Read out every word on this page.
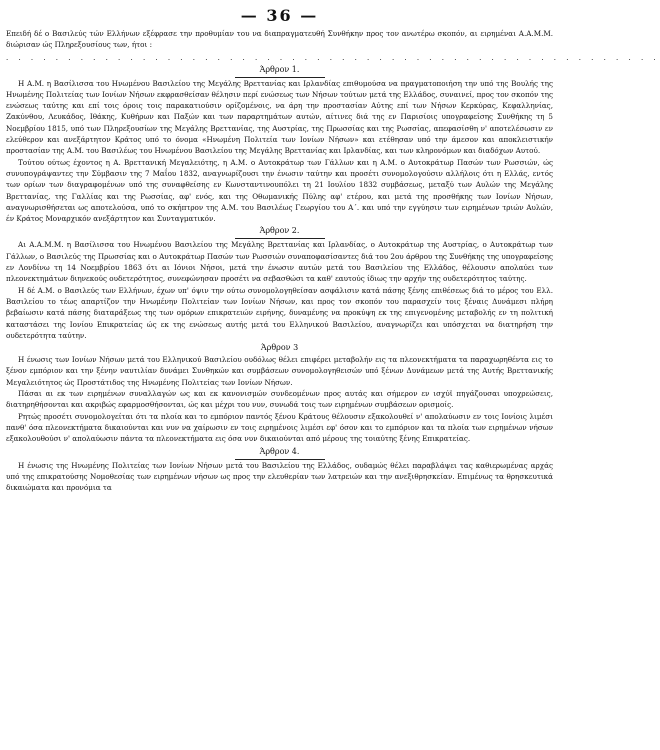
— 36 —

Επειδή δέ ο Βασιλεύς τών Ελλήνων εξέφρασε την προθυμίαν του να διαπραγματευθή Συνθήκην προς τον ανωτέρω σκοπόν, αι ειρημέναι Α.Α.Μ.Μ. διώρισαν ώς Πληρεξουσίους των, ήτοι :

. . . . . . . . . . . . . . . . . . . . . . . . . . . . . . . . . . . . . . . . . . . . . . . . . . . . .
Άρθρον 1.

Η Α.Μ. η Βασίλισσα του Ηνωμένου Βασιλείου της Μεγάλης Βρεττανίας και Ιρλανδίας επιθυμούσα να πραγματοποιήση την υπό της Βουλής της Ηνωμένης Πολιτείας των Ιονίων Νήσων εκφρασθείσαν θέλησιν περί ενώσεως των Νήσων τούτων μετά της Ελλάδος, συναινεί, προς τον σκοπόν της ενώσεως ταύτης και επί τοις όροις τοις παρακατιούσιν ορίζομένοις, να άρη την προστασίαν Αύτης επί των Νήσων Κερκύρας, Κεφαλληνίας, Ζακύνθου, Λευκάδος, Ιθάκης, Κυθήρων και Παξών και των παραρτημάτων αυτών, αίτινες διά της εν Παρισίοις υπογραφείσης Συνθήκης τη 5 Νοεμβρίου 1815, υπό των Πληρεξουσίων της Μεγάλης Βρεττανίας, της Αυστρίας, της Πρωσσίας και της Ρωσσίας, απεφασίσθη ν' αποτελέσωσιν εν ελεύθερον και ανεξάρτητον Κράτος υπό το όνομα «Ηνωμένη Πολιτεία των Ιονίων Νήσων» και ετέθησαν υπό την άμεσον και αποκλειστικήν προστασίαν της Α.Μ. του Βασιλέως του Ηνωμένου Βασιλείου της Μεγάλης Βρεττανίας και Ιρλανδίας, και των κληρονόμων και διαδόχων Αυτού.

Τούτου ούτως έχοντος η Α. Βρεττανική Μεγαλειότης, η Α.Μ. ο Αυτοκράτωρ των Γάλλων και η Α.Μ. ο Αυτοκράτωρ Πασών των Ρωσσιών, ώς συνυπογράψαντες την Σύμβασιν της 7 Μαΐου 1832, αναγνωρίζουσι την ένωσιν ταύτην και προσέτι συνομολογούσιν αλλήλοις ότι η Ελλάς, εντός των ορίων των διαγραφομένων υπό της συναφθείσης εν Κωνσταντινουπόλει τη 21 Ιουλίου 1832 συμβάσεως, μεταξύ των Αυλών της Μεγάλης Βρεττανίας, της Γαλλίας και της Ρωσσίας, αφ' ενός, και της Οθωμανικής Πύλης αφ' ετέρου, και μετά της προσθήκης των Ιονίων Νήσων, αναγνωρισθήσεται ως αποτελούσα, υπό το σκήπτρον της Α.Μ. του Βασιλέως Γεωργίου του Α΄. και υπό την εγγύησιν των ειρημένων τριών Αυλών, έν Κράτος Μοναρχικόν ανεξάρτητον και Συνταγματικόν.

Άρθρον 2.

Αι Α.Α.Μ.Μ. η Βασίλισσα του Ηνωμένου Βασιλείου της Μεγάλης Βρεττανίας και Ιρλανδίας, ο Αυτοκράτωρ της Αυστρίας, ο Αυτοκράτωρ των Γάλλων, ο Βασιλεύς της Πρωσσίας και ο Αυτοκράτωρ Πασών των Ρωσσιών συναποφασίσαντες διά του 2ου άρθρου της Συνθήκης της υπογραφείσης εν Λονδίνω τη 14 Νοεμβρίου 1863 ότι αι Ιόνιοι Νήσοι, μετά την ένωσιν αυτών μετά του Βασιλείου της Ελλάδος, θέλουσιν απολαύει των πλεονεκτημάτων διηνεκούς ουδετερότητος, συνεφώνησαν προσέτι να σεβασθώσι τα καθ' εαυτούς ίδιως την αρχήν της ουδετερότητος ταύτης.

Η δέ Α.Μ. ο Βασιλεύς των Ελλήνων, έχων υπ' όψιν την ούτω συνομολογηθείσαν ασφάλισιν κατά πάσης ξένης επιθέσεως διά το μέρος του Ελλ. Βασιλείου το τέως απαρτίζον την Ηνωμένην Πολιτείαν των Ιονίων Νήσων, και προς τον σκοπόν του παρασχείν τοις ξέναις Δυνάμεσι πλήρη βεβαίωσιν κατά πάσης διαταράξεως της των ομόρων επικρατειών ειρήνης, δυναμένης να προκύψη εκ της επιγενομένης μεταβολής εν τη πολιτική καταστάσει της Ιονίου Επικρατείας ώς εκ της ενώσεως αυτής μετά του Ελληνικού Βασιλείου, αναγνωρίζει και υπόσχεται να διατηρήση την ουδετερότητα ταύτην.

Άρθρον 3

Η ένωσις των Ιονίων Νήσων μετά του Ελληνικού Βασιλείου ουδόλως θέλει επιφέρει μεταβολήν εις τα πλεονεκτήματα τα παραχωρηθέντα εις το ξένον εμπόριον και την ξένην ναυτιλίαν δυνάμει Συνθηκών και συμβάσεων συνομολογηθεισών υπό ξένων Δυνάμεων μετά της Αυτής Βρεττανικής Μεγαλειότητος ώς Προστάτιδος της Ηνωμένης Πολιτείας των Ιονίων Νήσων.

Πάσαι αι εκ των ειρημένων συναλλαγών ως και εκ κανονισμών συνδεομένων προς αυτάς και σήμερον εν ισχύϊ πηγάζουσαι υποχρεώσεις, διατηρηθήσονται και ακριβώς εφαρμοσθήσονται, ώς και μέχρι του νυν, συνωδά τοις των ειρημένων συμβάσεων ορισμοίς.

Ρητώς προσέτι συνομολογείται ότι τα πλοία και το εμπόριον παντός ξένου Κράτους θέλουσιν εξακολουθεί ν' απολαύωσιν εν τοις Ιονίοις λιμέσι πανθ' όσα πλεονεκτήματα δικαιούνται και νυν να χαίρωσιν εν τοις ειρημένοις λιμέσι εφ' όσον και το εμπόριον και τα πλοία των ειρημένων νήσων εξακολουθούσι ν' απολαύωσιν πάντα τα πλεονεκτήματα εις όσα νυν δικαιούνται από μέρους της τοιαύτης ξένης Επικρατείας.

Άρθρον 4.

Η ένωσις της Ηνωμένης Πολιτείας των Ιονίων Νήσων μετά του Βασιλείου της Ελλάδος, ουδαμώς θέλει παραβλάψει τας καθιερωμένας αρχάς υπό της επικρατούσης Νομοθεσίας των ειρημένων νήσων ως προς την ελευθερίαν των λατρειών και την ανεξιθρησκείαν. Επιμένως τα θρησκευτικά δικαιώματα και προνόμια τα
